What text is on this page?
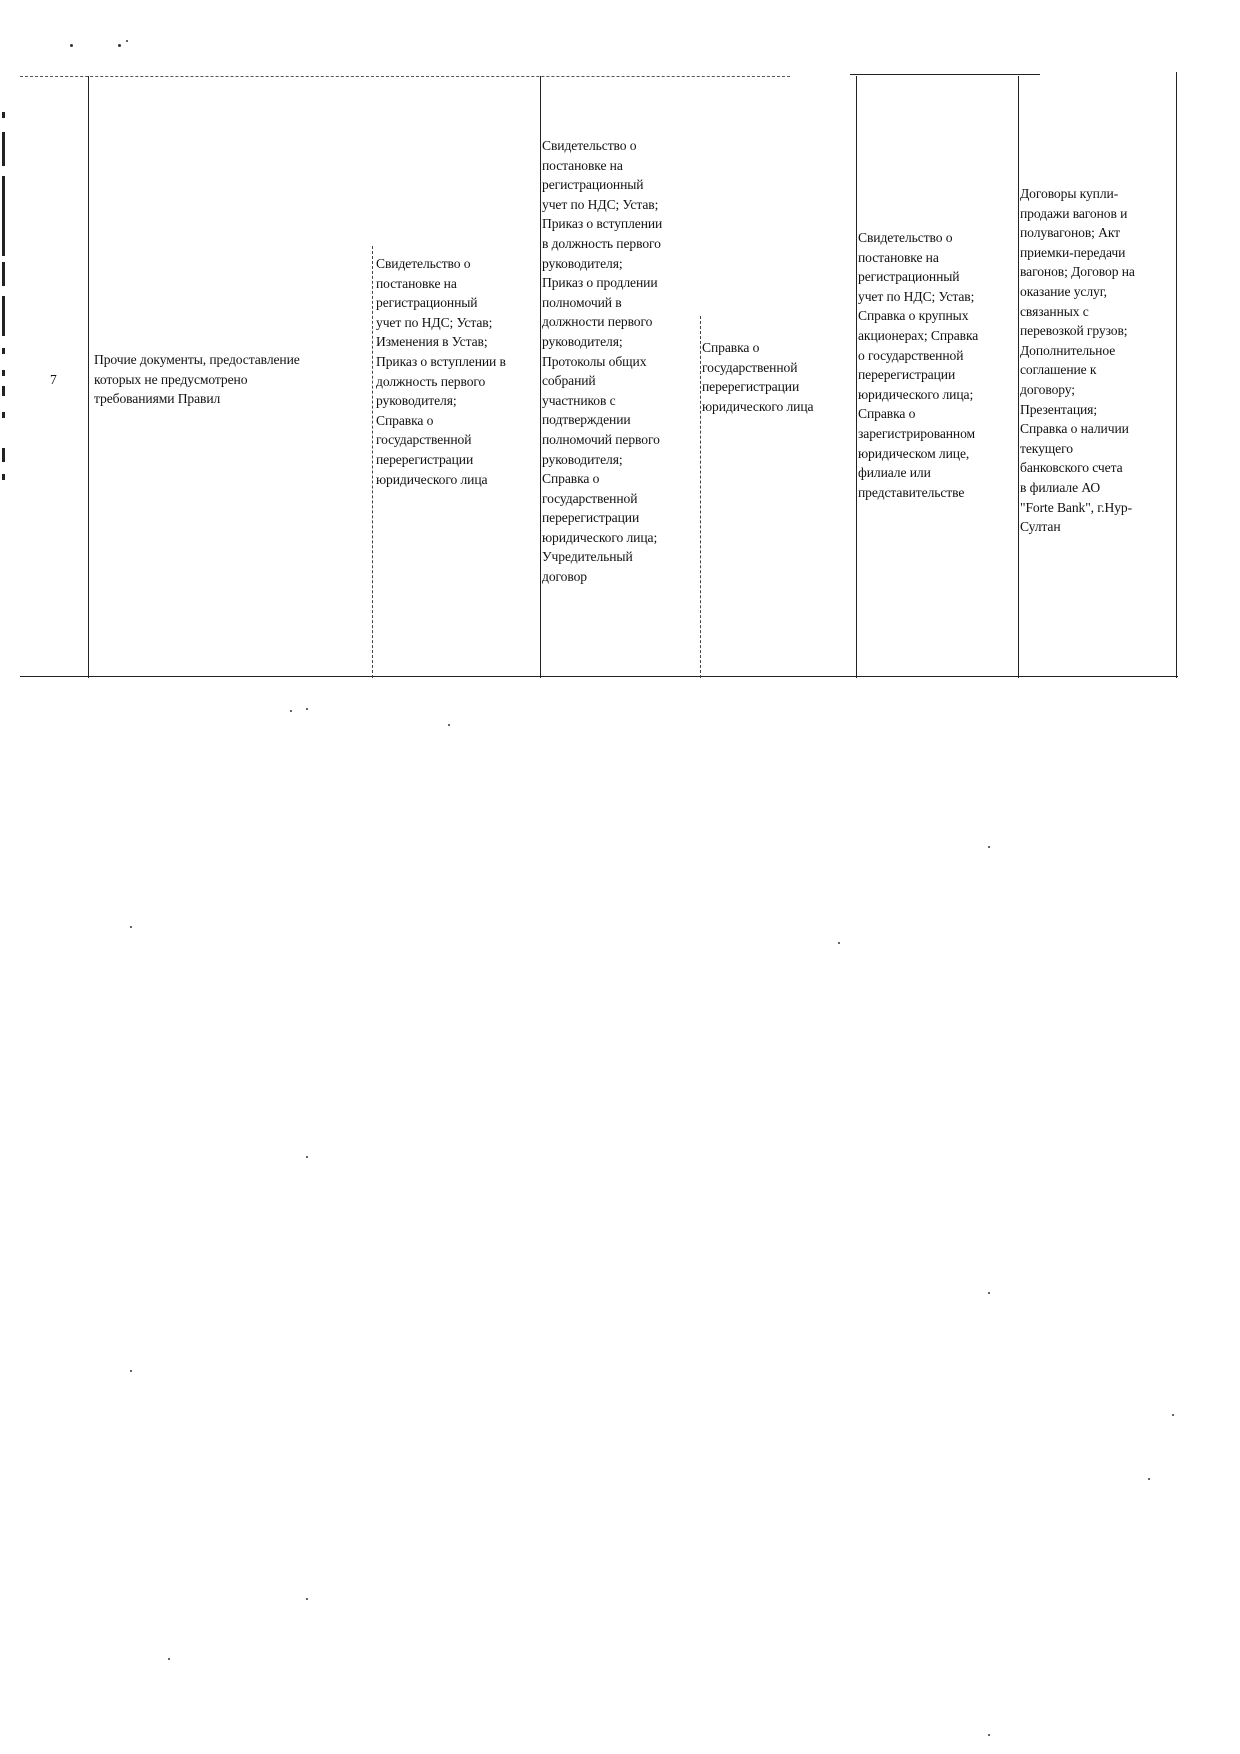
7
Прочие документы, предоставление
которых не предусмотрено
требованиями Правил
Свидетельство о
постановке на
регистрационный
учет по НДС; Устав;
Изменения в Устав;
Приказ о вступлении в
должность первого
руководителя;
Справка о
государственной
перерегистрации
юридического лица
Свидетельство о
постановке на
регистрационный
учет по НДС; Устав;
Приказ о вступлении
в должность первого
руководителя;
Приказ о продлении
полномочий в
должности первого
руководителя;
Протоколы общих
собраний
участников с
подтверждении
полномочий первого
руководителя;
Справка о
государственной
перерегистрации
юридического лица;
Учредительный
договор
Справка о
государственной
перерегистрации
юридического лица
Свидетельство о
постановке на
регистрационный
учет по НДС; Устав;
Справка о крупных
акционерах; Справка
о государственной
перерегистрации
юридического лица;
Справка о
зарегистрированном
юридическом лице,
филиале или
представительстве
Договоры купли-
продажи вагонов и
полувагонов; Акт
приемки-передачи
вагонов; Договор на
оказание услуг,
связанных с
перевозкой грузов;
Дополнительное
соглашение к
договору;
Презентация;
Справка о наличии
текущего
банковского счета
в филиале АО
"Forte Bank", г.Нур-
Султан
